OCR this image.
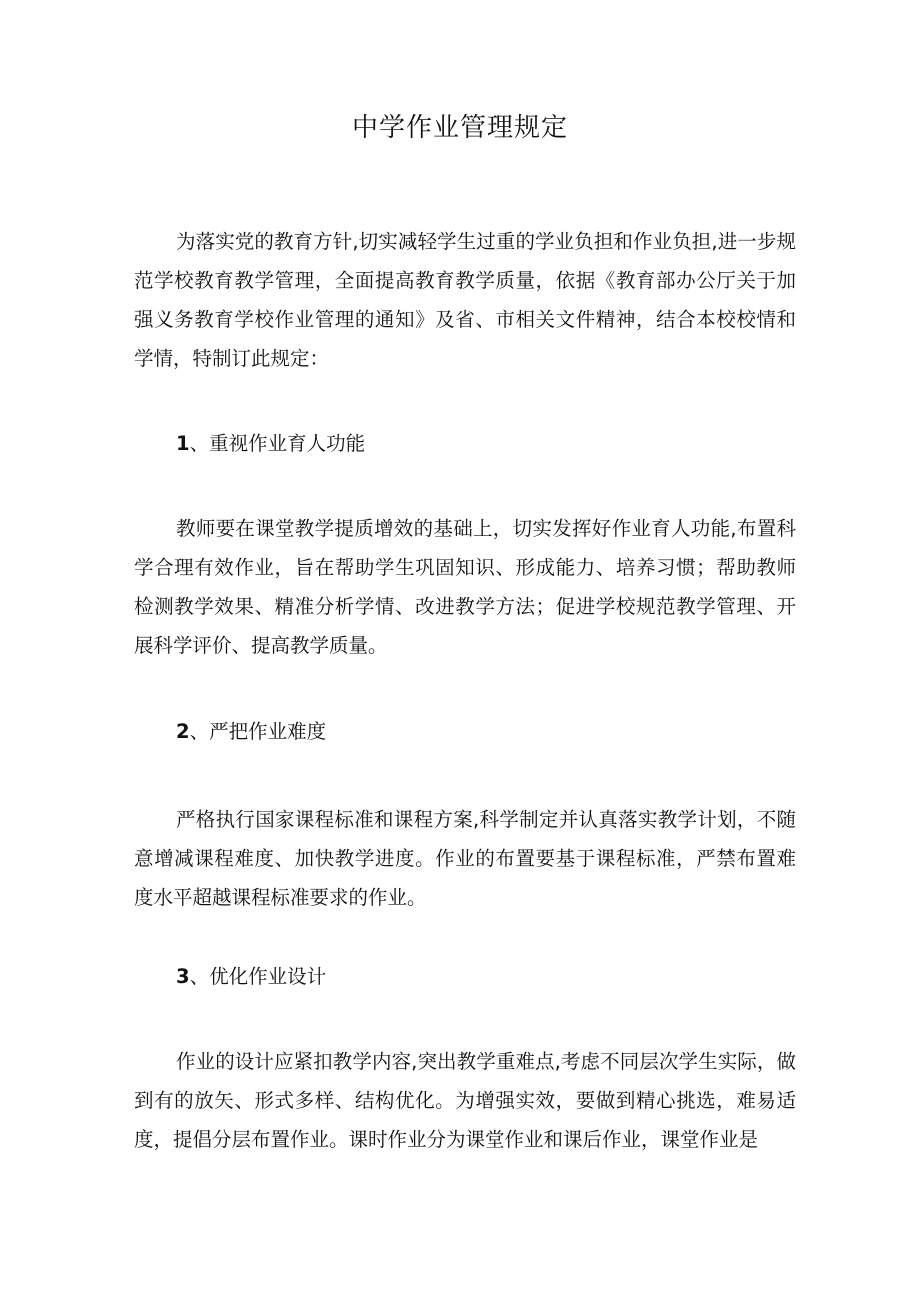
中学作业管理规定
为落实党的教育方针,切实减轻学生过重的学业负担和作业负担,进一步规范学校教育教学管理，全面提高教育教学质量，依据《教育部办公厅关于加强义务教育学校作业管理的通知》及省、市相关文件精神，结合本校校情和学情，特制订此规定：
1、重视作业育人功能
教师要在课堂教学提质增效的基础上，切实发挥好作业育人功能,布置科学合理有效作业，旨在帮助学生巩固知识、形成能力、培养习惯；帮助教师检测教学效果、精准分析学情、改进教学方法；促进学校规范教学管理、开展科学评价、提高教学质量。
2、严把作业难度
严格执行国家课程标准和课程方案,科学制定并认真落实教学计划，不随意增减课程难度、加快教学进度。作业的布置要基于课程标准，严禁布置难度水平超越课程标准要求的作业。
3、优化作业设计
作业的设计应紧扣教学内容,突出教学重难点,考虑不同层次学生实际，做到有的放矢、形式多样、结构优化。为增强实效，要做到精心挑选，难易适度，提倡分层布置作业。课时作业分为课堂作业和课后作业，课堂作业是
